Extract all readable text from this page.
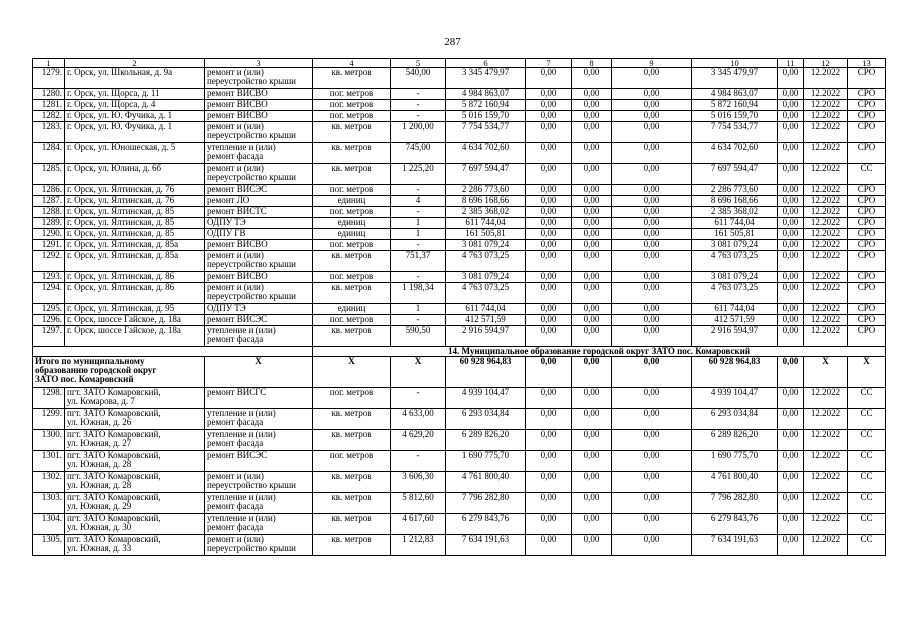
287
1	2	3	4	5	6	7	8	9	10	11	12	13
1279.	г. Орск, ул. Школьная, д. 9а	ремонт и (или)
переустройство крыши	кв. метров	540,00	3 345 479,97	0,00	0,00	0,00	3 345 479,97	0,00	12.2022	СРО
1280.	г. Орск, ул. Щорса, д. 11	ремонт ВИСВО	пог. метров	-	4 984 863,07	0,00	0,00	0,00	4 984 863,07	0,00	12.2022	СРО
1281.	г. Орск, ул. Щорса, д. 4	ремонт ВИСВО	пог. метров	-	5 872 160,94	0,00	0,00	0,00	5 872 160,94	0,00	12.2022	СРО
1282.	г. Орск, ул. Ю. Фучика, д. 1	ремонт ВИСВО	пог. метров	-	5 016 159,70	0,00	0,00	0,00	5 016 159,70	0,00	12.2022	СРО
1283.	г. Орск, ул. Ю. Фучика, д. 1	ремонт и (или)
переустройство крыши	кв. метров	1 200,00	7 754 534,77	0,00	0,00	0,00	7 754 534,77	0,00	12.2022	СРО
1284.	г. Орск, ул. Юношеская, д. 5	утепление и (или)
ремонт фасада	кв. метров	745,00	4 634 702,60	0,00	0,00	0,00	4 634 702,60	0,00	12.2022	СРО
1285.	г. Орск, ул. Юлина, д. 6б	ремонт и (или)
переустройство крыши	кв. метров	1 225,20	7 697 594,47	0,00	0,00	0,00	7 697 594,47	0,00	12.2022	СС
1286.	г. Орск, ул. Ялтинская, д. 76	ремонт ВИСЭС	пог. метров	-	2 286 773,60	0,00	0,00	0,00	2 286 773,60	0,00	12.2022	СРО
1287.	г. Орск, ул. Ялтинская, д. 76	ремонт ЛО	единиц	4	8 696 168,66	0,00	0,00	0,00	8 696 168,66	0,00	12.2022	СРО
1288.	г. Орск, ул. Ялтинская, д. 85	ремонт ВИСТС	пог. метров	-	2 385 368,02	0,00	0,00	0,00	2 385 368,02	0,00	12.2022	СРО
1289.	г. Орск, ул. Ялтинская, д. 85	ОДПУ ТЭ	единиц	1	611 744,04	0,00	0,00	0,00	611 744,04	0,00	12.2022	СРО
1290.	г. Орск, ул. Ялтинская, д. 85	ОДПУ ГВ	единиц	1	161 505,81	0,00	0,00	0,00	161 505,81	0,00	12.2022	СРО
1291.	г. Орск, ул. Ялтинская, д. 85а	ремонт ВИСВО	пог. метров	-	3 081 079,24	0,00	0,00	0,00	3 081 079,24	0,00	12.2022	СРО
1292.	г. Орск, ул. Ялтинская, д. 85а	ремонт и (или)
переустройство крыши	кв. метров	751,37	4 763 073,25	0,00	0,00	0,00	4 763 073,25	0,00	12.2022	СРО
1293.	г. Орск, ул. Ялтинская, д. 86	ремонт ВИСВО	пог. метров	-	3 081 079,24	0,00	0,00	0,00	3 081 079,24	0,00	12.2022	СРО
1294.	г. Орск, ул. Ялтинская, д. 86	ремонт и (или)
переустройство крыши	кв. метров	1 198,34	4 763 073,25	0,00	0,00	0,00	4 763 073,25	0,00	12.2022	СРО
1295.	г. Орск, ул. Ялтинская, д. 95	ОДПУ ТЭ	единиц	1	611 744,04	0,00	0,00	0,00	611 744,04	0,00	12.2022	СРО
1296.	г. Орск, шоссе Гайское, д. 18а	ремонт ВИСЭС	пог. метров	-	412 571,59	0,00	0,00	0,00	412 571,59	0,00	12.2022	СРО
1297.	г. Орск, шоссе Гайское, д. 18а	утепление и (или)
ремонт фасада	кв. метров	590,50	2 916 594,97	0,00	0,00	0,00	2 916 594,97	0,00	12.2022	СРО
			14. Муниципальное образование городской округ ЗАТО пос. Комаровский									
Итого по муниципальному
образованию городской округ
ЗАТО пос. Комаровский		X	X	X	60 928 964,83	0,00	0,00	0,00	60 928 964,83	0,00	X	X
1298.	пгт. ЗАТО Комаровский,
ул. Комарова, д. 7	ремонт ВИСГС	пог. метров	-	4 939 104,47	0,00	0,00	0,00	4 939 104,47	0,00	12.2022	СС
1299.	пгт. ЗАТО Комаровский,
ул. Южная, д. 26	утепление и (или)
ремонт фасада	кв. метров	4 633,00	6 293 034,84	0,00	0,00	0,00	6 293 034,84	0,00	12.2022	СС
1300.	пгт. ЗАТО Комаровский,
ул. Южная, д. 27	утепление и (или)
ремонт фасада	кв. метров	4 629,20	6 289 826,20	0,00	0,00	0,00	6 289 826,20	0,00	12.2022	СС
1301.	пгт. ЗАТО Комаровский,
ул. Южная, д. 28	ремонт ВИСЭС	пог. метров	-	1 690 775,70	0,00	0,00	0,00	1 690 775,70	0,00	12.2022	СС
1302.	пгт. ЗАТО Комаровский,
ул. Южная, д. 28	ремонт и (или)
переустройство крыши	кв. метров	3 606,30	4 761 800,40	0,00	0,00	0,00	4 761 800,40	0,00	12.2022	СС
1303.	пгт. ЗАТО Комаровский,
ул. Южная, д. 29	утепление и (или)
ремонт фасада	кв. метров	5 812,60	7 796 282,80	0,00	0,00	0,00	7 796 282,80	0,00	12.2022	СС
1304.	пгт. ЗАТО Комаровский,
ул. Южная, д. 30	утепление и (или)
ремонт фасада	кв. метров	4 617,60	6 279 843,76	0,00	0,00	0,00	6 279 843,76	0,00	12.2022	СС
1305.	пгт. ЗАТО Комаровский,
ул. Южная, д. 33	ремонт и (или)
переустройство крыши	кв. метров	1 212,83	7 634 191,63	0,00	0,00	0,00	7 634 191,63	0,00	12.2022	СС
